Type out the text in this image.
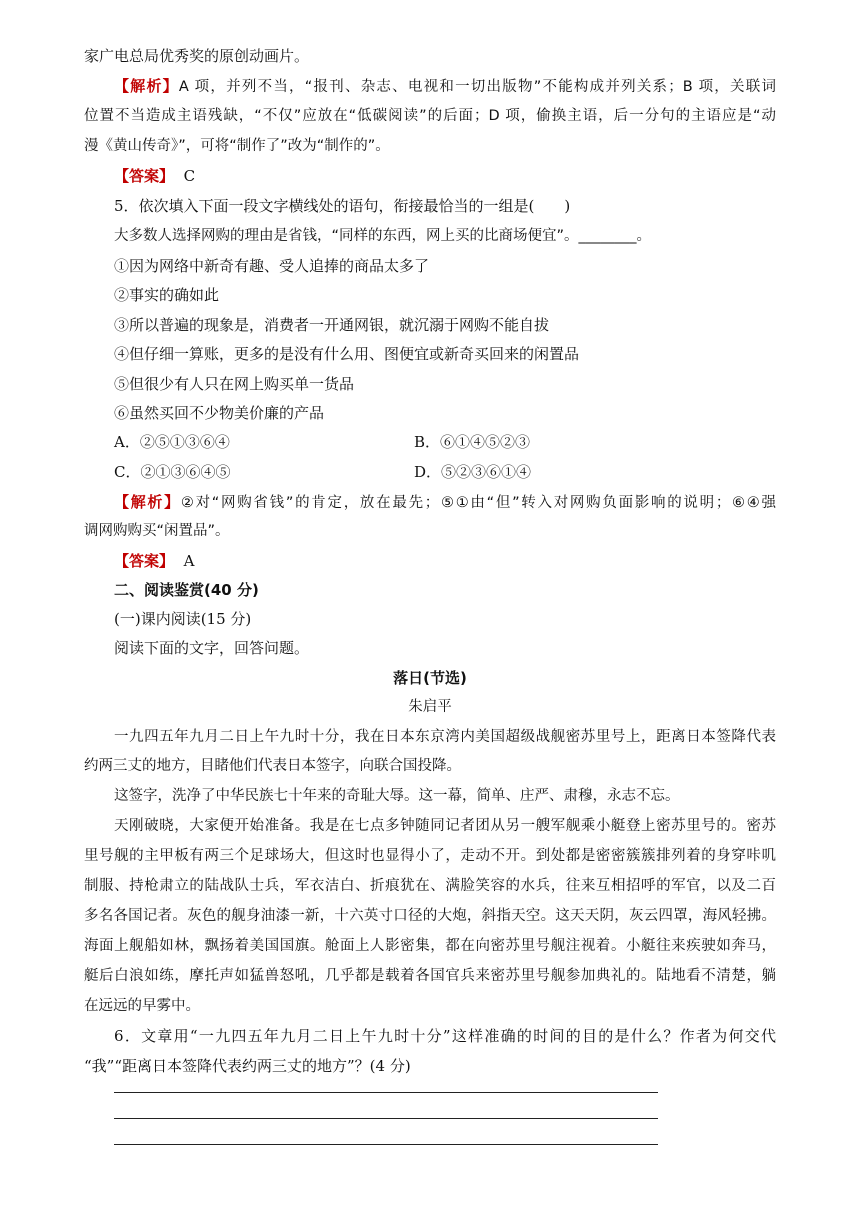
家广电总局优秀奖的原创动画片。
【解析】A 项，并列不当，“报刊、杂志、电视和一切出版物”不能构成并列关系；B 项，关联词
位置不当造成主语残缺，“不仅”应放在“低碳阅读”的后面；D 项，偷换主语，后一分句的主语应是“动
漫《黄山传奇》”，可将“制作了”改为“制作的”。
【答案】 C
5．依次填入下面一段文字横线处的语句，衔接最恰当的一组是(　　)
大多数人选择网购的理由是省钱，“同样的东西，网上买的比商场便宜”。________。
①因为网络中新奇有趣、受人追捧的商品太多了
②事实的确如此
③所以普遍的现象是，消费者一开通网银，就沉溺于网购不能自拔
④但仔细一算账，更多的是没有什么用、图便宜或新奇买回来的闲置品
⑤但很少有人只在网上购买单一货品
⑥虽然买回不少物美价廉的产品
A．②⑤①③⑥④	B．⑥①④⑤②③
C．②①③⑥④⑤	D．⑤②③⑥①④
【解析】②对“网购省钱”的肯定，放在最先；⑤①由“但”转入对网购负面影响的说明；⑥④强
调网购购买“闲置品”。
【答案】 A
二、阅读鉴赏(40 分)
(一)课内阅读(15 分)
阅读下面的文字，回答问题。
落日(节选)
朱启平
一九四五年九月二日上午九时十分，我在日本东京湾内美国超级战舰密苏里号上，距离日本签降代表
约两三丈的地方，目睹他们代表日本签字，向联合国投降。
这签字，洗净了中华民族七十年来的奇耻大辱。这一幕，简单、庄严、肃穆，永志不忘。
天刚破晓，大家便开始准备。我是在七点多钟随同记者团从另一艘军舰乘小艇登上密苏里号的。密苏
里号舰的主甲板有两三个足球场大，但这时也显得小了，走动不开。到处都是密密簇簇排列着的身穿咔叽
制服、持枪肃立的陆战队士兵，军衣洁白、折痕犹在、满脸笑容的水兵，往来互相招呼的军官，以及二百
多名各国记者。灰色的舰身油漆一新，十六英寸口径的大炮，斜指天空。这天天阴，灰云四罩，海风轻拂。
海面上舰船如林，飘扬着美国国旗。舱面上人影密集，都在向密苏里号舰注视着。小艇往来疾驶如奔马，
艇后白浪如练，摩托声如猛兽怒吼，几乎都是载着各国官兵来密苏里号舰参加典礼的。陆地看不清楚，躺
在远远的早雾中。
6．文章用“一九四五年九月二日上午九时十分”这样准确的时间的目的是什么？作者为何交代
“我”“距离日本签降代表约两三丈的地方”？(4 分)
